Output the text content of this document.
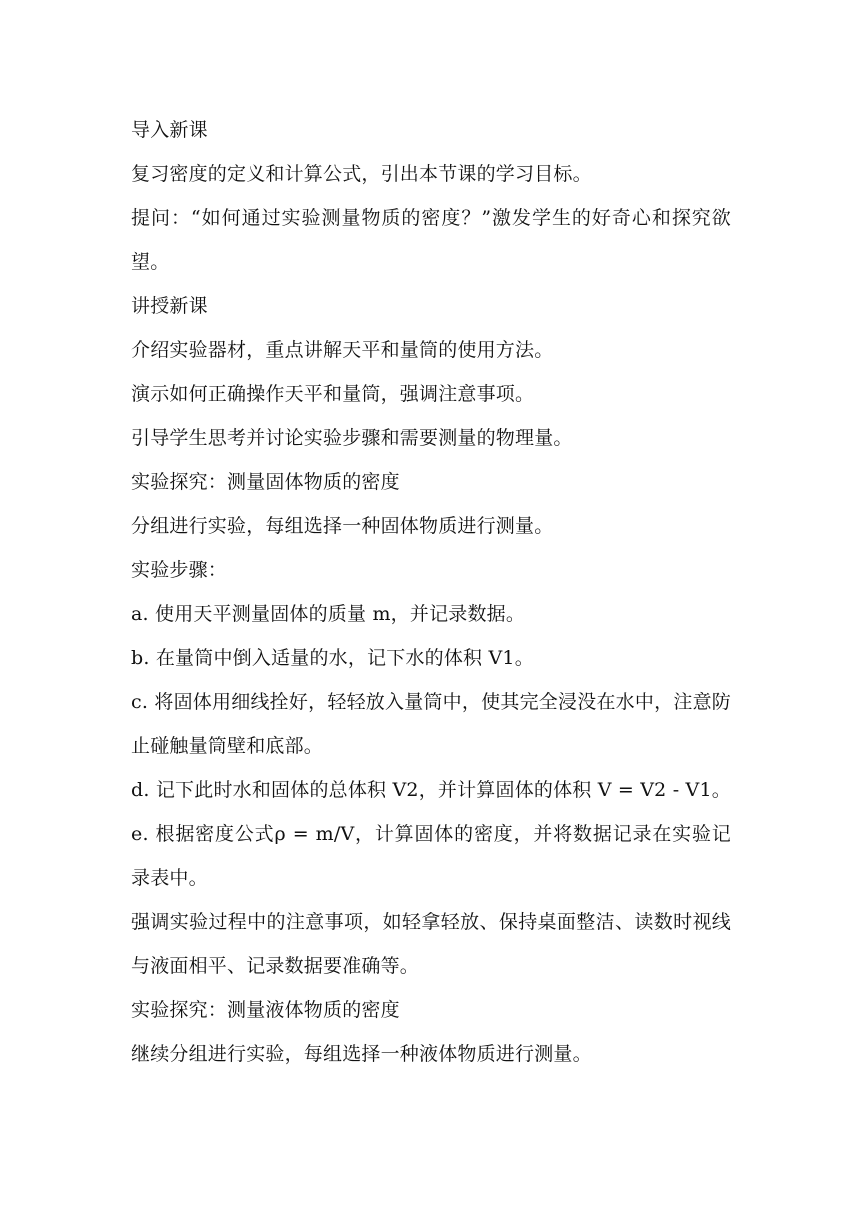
导入新课

复习密度的定义和计算公式，引出本节课的学习目标。

提问：“如何通过实验测量物质的密度？”激发学生的好奇心和探究欲望。

讲授新课

介绍实验器材，重点讲解天平和量筒的使用方法。

演示如何正确操作天平和量筒，强调注意事项。

引导学生思考并讨论实验步骤和需要测量的物理量。

实验探究：测量固体物质的密度

分组进行实验，每组选择一种固体物质进行测量。

实验步骤：

a. 使用天平测量固体的质量 m，并记录数据。

b. 在量筒中倒入适量的水，记下水的体积 V1。

c. 将固体用细线拴好，轻轻放入量筒中，使其完全浸没在水中，注意防止碰触量筒壁和底部。

d. 记下此时水和固体的总体积 V2，并计算固体的体积 V = V2 - V1。

e. 根据密度公式ρ = m/V，计算固体的密度，并将数据记录在实验记录表中。

强调实验过程中的注意事项，如轻拿轻放、保持桌面整洁、读数时视线与液面相平、记录数据要准确等。

实验探究：测量液体物质的密度

继续分组进行实验，每组选择一种液体物质进行测量。
